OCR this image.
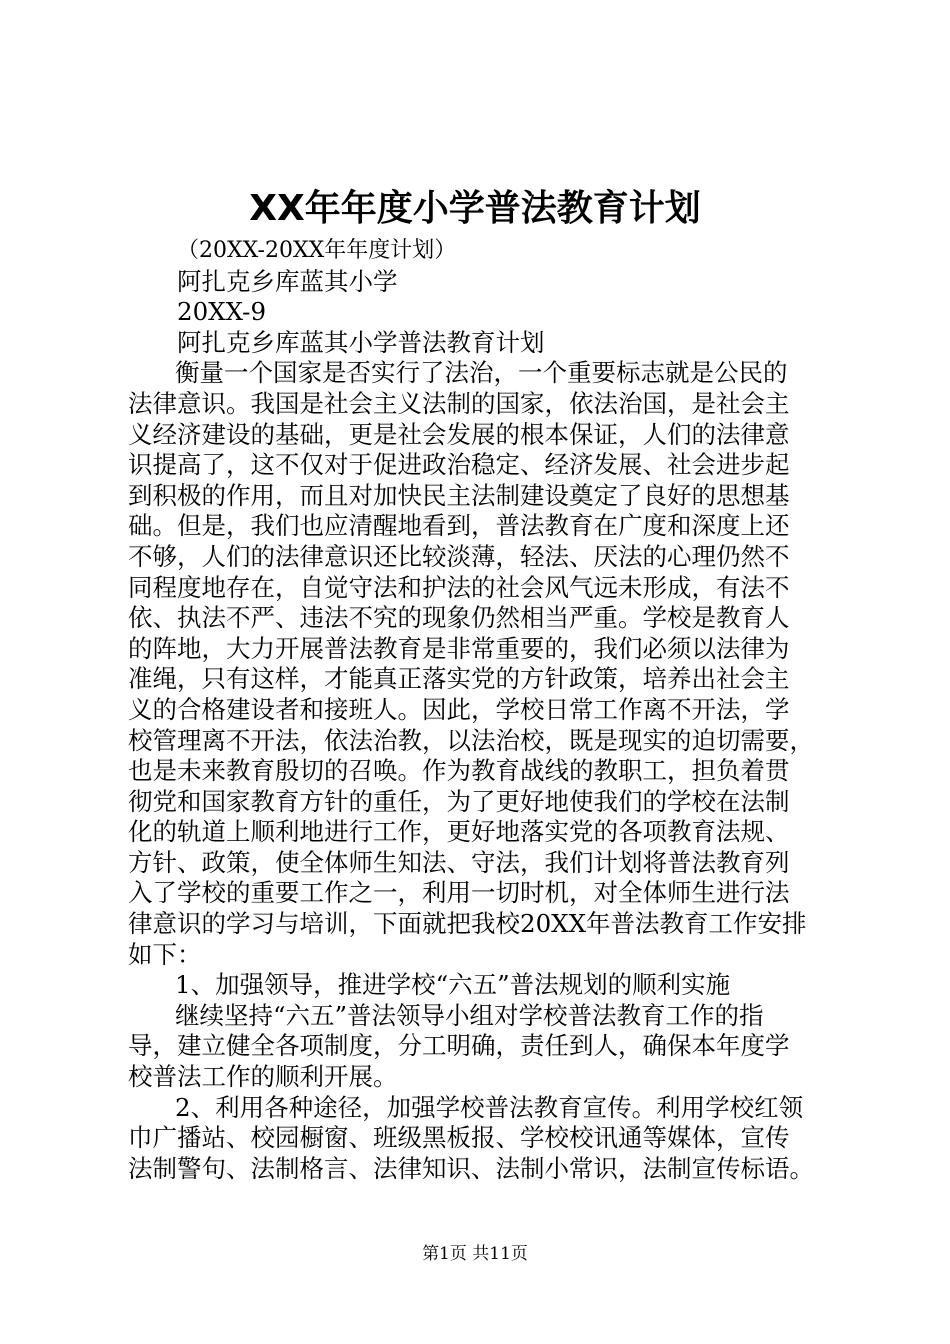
XX年年度小学普法教育计划
（20XX-20XX年年度计划）
阿扎克乡库蓝其小学
20XX-9
阿扎克乡库蓝其小学普法教育计划
衡量一个国家是否实行了法治，一个重要标志就是公民的
法律意识。我国是社会主义法制的国家，依法治国，是社会主
义经济建设的基础，更是社会发展的根本保证，人们的法律意
识提高了，这不仅对于促进政治稳定、经济发展、社会进步起
到积极的作用，而且对加快民主法制建设奠定了良好的思想基
础。但是，我们也应清醒地看到，普法教育在广度和深度上还
不够，人们的法律意识还比较淡薄，轻法、厌法的心理仍然不
同程度地存在，自觉守法和护法的社会风气远未形成，有法不
依、执法不严、违法不究的现象仍然相当严重。学校是教育人
的阵地，大力开展普法教育是非常重要的，我们必须以法律为
准绳，只有这样，才能真正落实党的方针政策，培养出社会主
义的合格建设者和接班人。因此，学校日常工作离不开法，学
校管理离不开法，依法治教，以法治校，既是现实的迫切需要，
也是未来教育殷切的召唤。作为教育战线的教职工，担负着贯
彻党和国家教育方针的重任，为了更好地使我们的学校在法制
化的轨道上顺利地进行工作，更好地落实党的各项教育法规、
方针、政策，使全体师生知法、守法，我们计划将普法教育列
入了学校的重要工作之一，利用一切时机，对全体师生进行法
律意识的学习与培训，下面就把我校20XX年普法教育工作安排
如下：
1、加强领导，推进学校“六五”普法规划的顺利实施
继续坚持“六五”普法领导小组对学校普法教育工作的指
导，建立健全各项制度，分工明确，责任到人，确保本年度学
校普法工作的顺利开展。
2、利用各种途径，加强学校普法教育宣传。利用学校红领
巾广播站、校园橱窗、班级黑板报、学校校讯通等媒体，宣传
法制警句、法制格言、法律知识、法制小常识，法制宣传标语。
第1页 共11页
